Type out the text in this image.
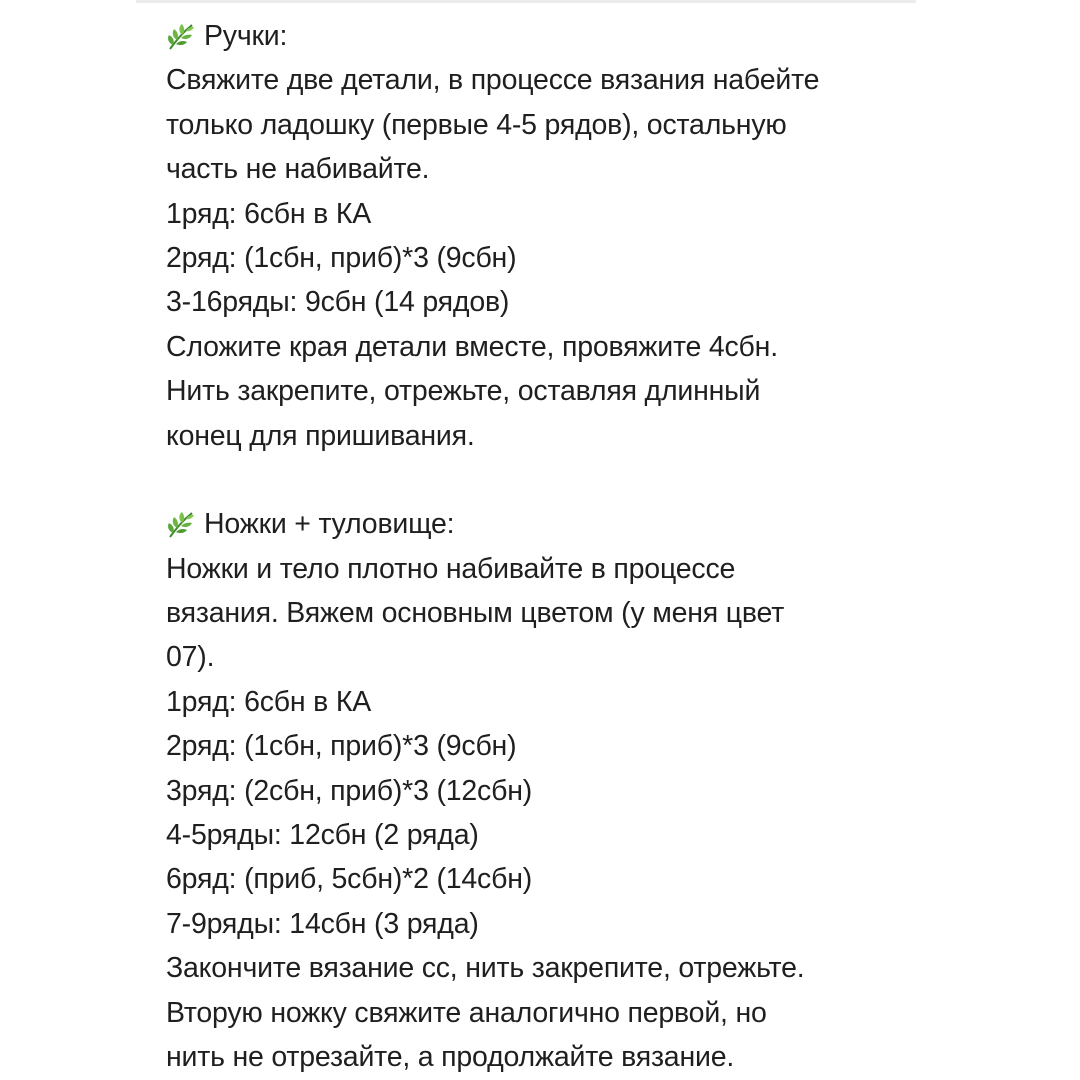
Ручки:
Свяжите две детали, в процессе вязания набейте
только ладошку (первые 4-5 рядов), остальную
часть не набивайте.
1ряд: 6сбн в КА
2ряд: (1сбн, приб)*3 (9сбн)
3-16ряды: 9сбн (14 рядов)
Сложите края детали вместе, провяжите 4сбн.
Нить закрепите, отрежьте, оставляя длинный
конец для пришивания.
Ножки + туловище:
Ножки и тело плотно набивайте в процессе
вязания. Вяжем основным цветом (у меня цвет
07).
1ряд: 6сбн в КА
2ряд: (1сбн, приб)*3 (9сбн)
3ряд: (2сбн, приб)*3 (12сбн)
4-5ряды: 12сбн (2 ряда)
6ряд: (приб, 5сбн)*2 (14сбн)
7-9ряды: 14сбн (3 ряда)
Закончите вязание сс, нить закрепите, отрежьте.
Вторую ножку свяжите аналогично первой, но
нить не отрезайте, а продолжайте вязание.
